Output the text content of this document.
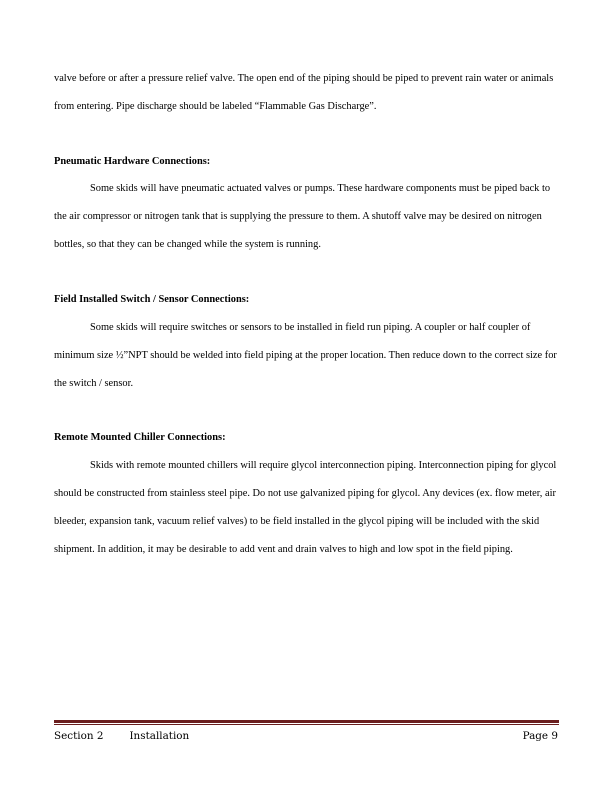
valve before or after a pressure relief valve. The open end of the piping should be piped to prevent rain water or animals from entering. Pipe discharge should be labeled “Flammable Gas Discharge”.

Pneumatic Hardware Connections:

Some skids will have pneumatic actuated valves or pumps. These hardware components must be piped back to the air compressor or nitrogen tank that is supplying the pressure to them. A shutoff valve may be desired on nitrogen bottles, so that they can be changed while the system is running.

Field Installed Switch / Sensor Connections:

Some skids will require switches or sensors to be installed in field run piping. A coupler or half coupler of minimum size ½”NPT should be welded into field piping at the proper location. Then reduce down to the correct size for the switch / sensor.

Remote Mounted Chiller Connections:

Skids with remote mounted chillers will require glycol interconnection piping. Interconnection piping for glycol should be constructed from stainless steel pipe. Do not use galvanized piping for glycol. Any devices (ex. flow meter, air bleeder, expansion tank, vacuum relief valves) to be field installed in the glycol piping will be included with the skid shipment. In addition, it may be desirable to add vent and drain valves to high and low spot in the field piping.

Section 2	Installation	Page 9
